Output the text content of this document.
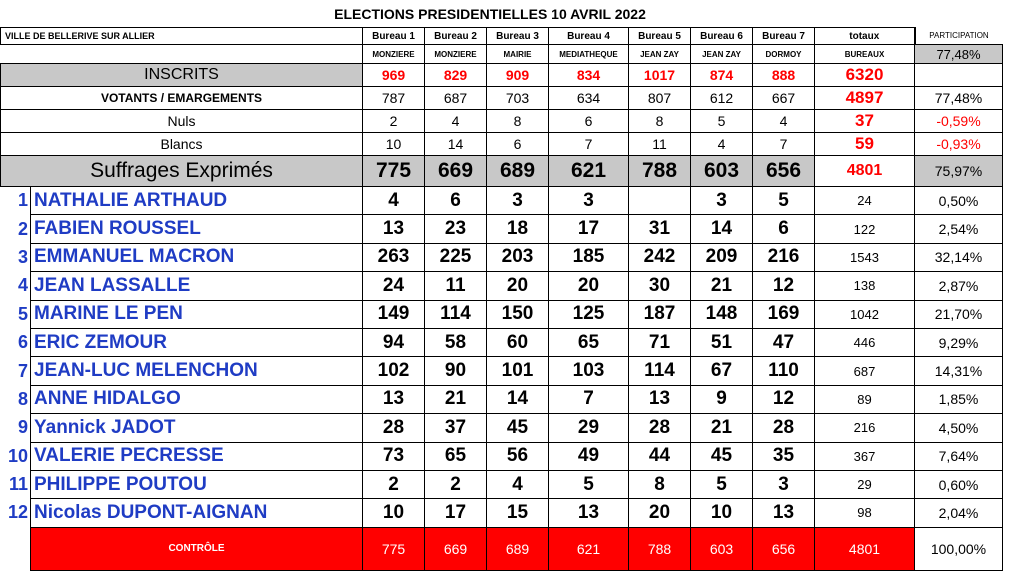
ELECTIONS PRESIDENTIELLES 10 AVRIL 2022
VILLE DE BELLERIVE SUR ALLIER		Bureau 1	Bureau 2	Bureau 3	Bureau 4	Bureau 5	Bureau 6	Bureau 7	totaux	PARTICIPATION
		MONZIERE	MONZIERE	MAIRIE	MEDIATHEQUE	JEAN ZAY	JEAN ZAY	DORMOY	BUREAUX	77,48%
INSCRITS		969	829	909	834	1017	874	888	6320	
VOTANTS / EMARGEMENTS		787	687	703	634	807	612	667	4897	77,48%
Nuls		2	4	8	6	8	5	4	37	-0,59%
Blancs		10	14	6	7	11	4	7	59	-0,93%
Suffrages Exprimés		775	669	689	621	788	603	656	4801	75,97%
1	NATHALIE ARTHAUD	4	6	3	3		3	5	24	0,50%
2	FABIEN ROUSSEL	13	23	18	17	31	14	6	122	2,54%
3	EMMANUEL MACRON	263	225	203	185	242	209	216	1543	32,14%
4	JEAN LASSALLE	24	11	20	20	30	21	12	138	2,87%
5	MARINE LE PEN	149	114	150	125	187	148	169	1042	21,70%
6	ERIC ZEMOUR	94	58	60	65	71	51	47	446	9,29%
7	JEAN-LUC MELENCHON	102	90	101	103	114	67	110	687	14,31%
8	ANNE HIDALGO	13	21	14	7	13	9	12	89	1,85%
9	Yannick JADOT	28	37	45	29	28	21	28	216	4,50%
10	VALERIE PECRESSE	73	65	56	49	44	45	35	367	7,64%
11	PHILIPPE POUTOU	2	2	4	5	8	5	3	29	0,60%
12	Nicolas DUPONT-AIGNAN	10	17	15	13	20	10	13	98	2,04%
	CONTRÔLE	775	669	689	621	788	603	656	4801	100,00%
